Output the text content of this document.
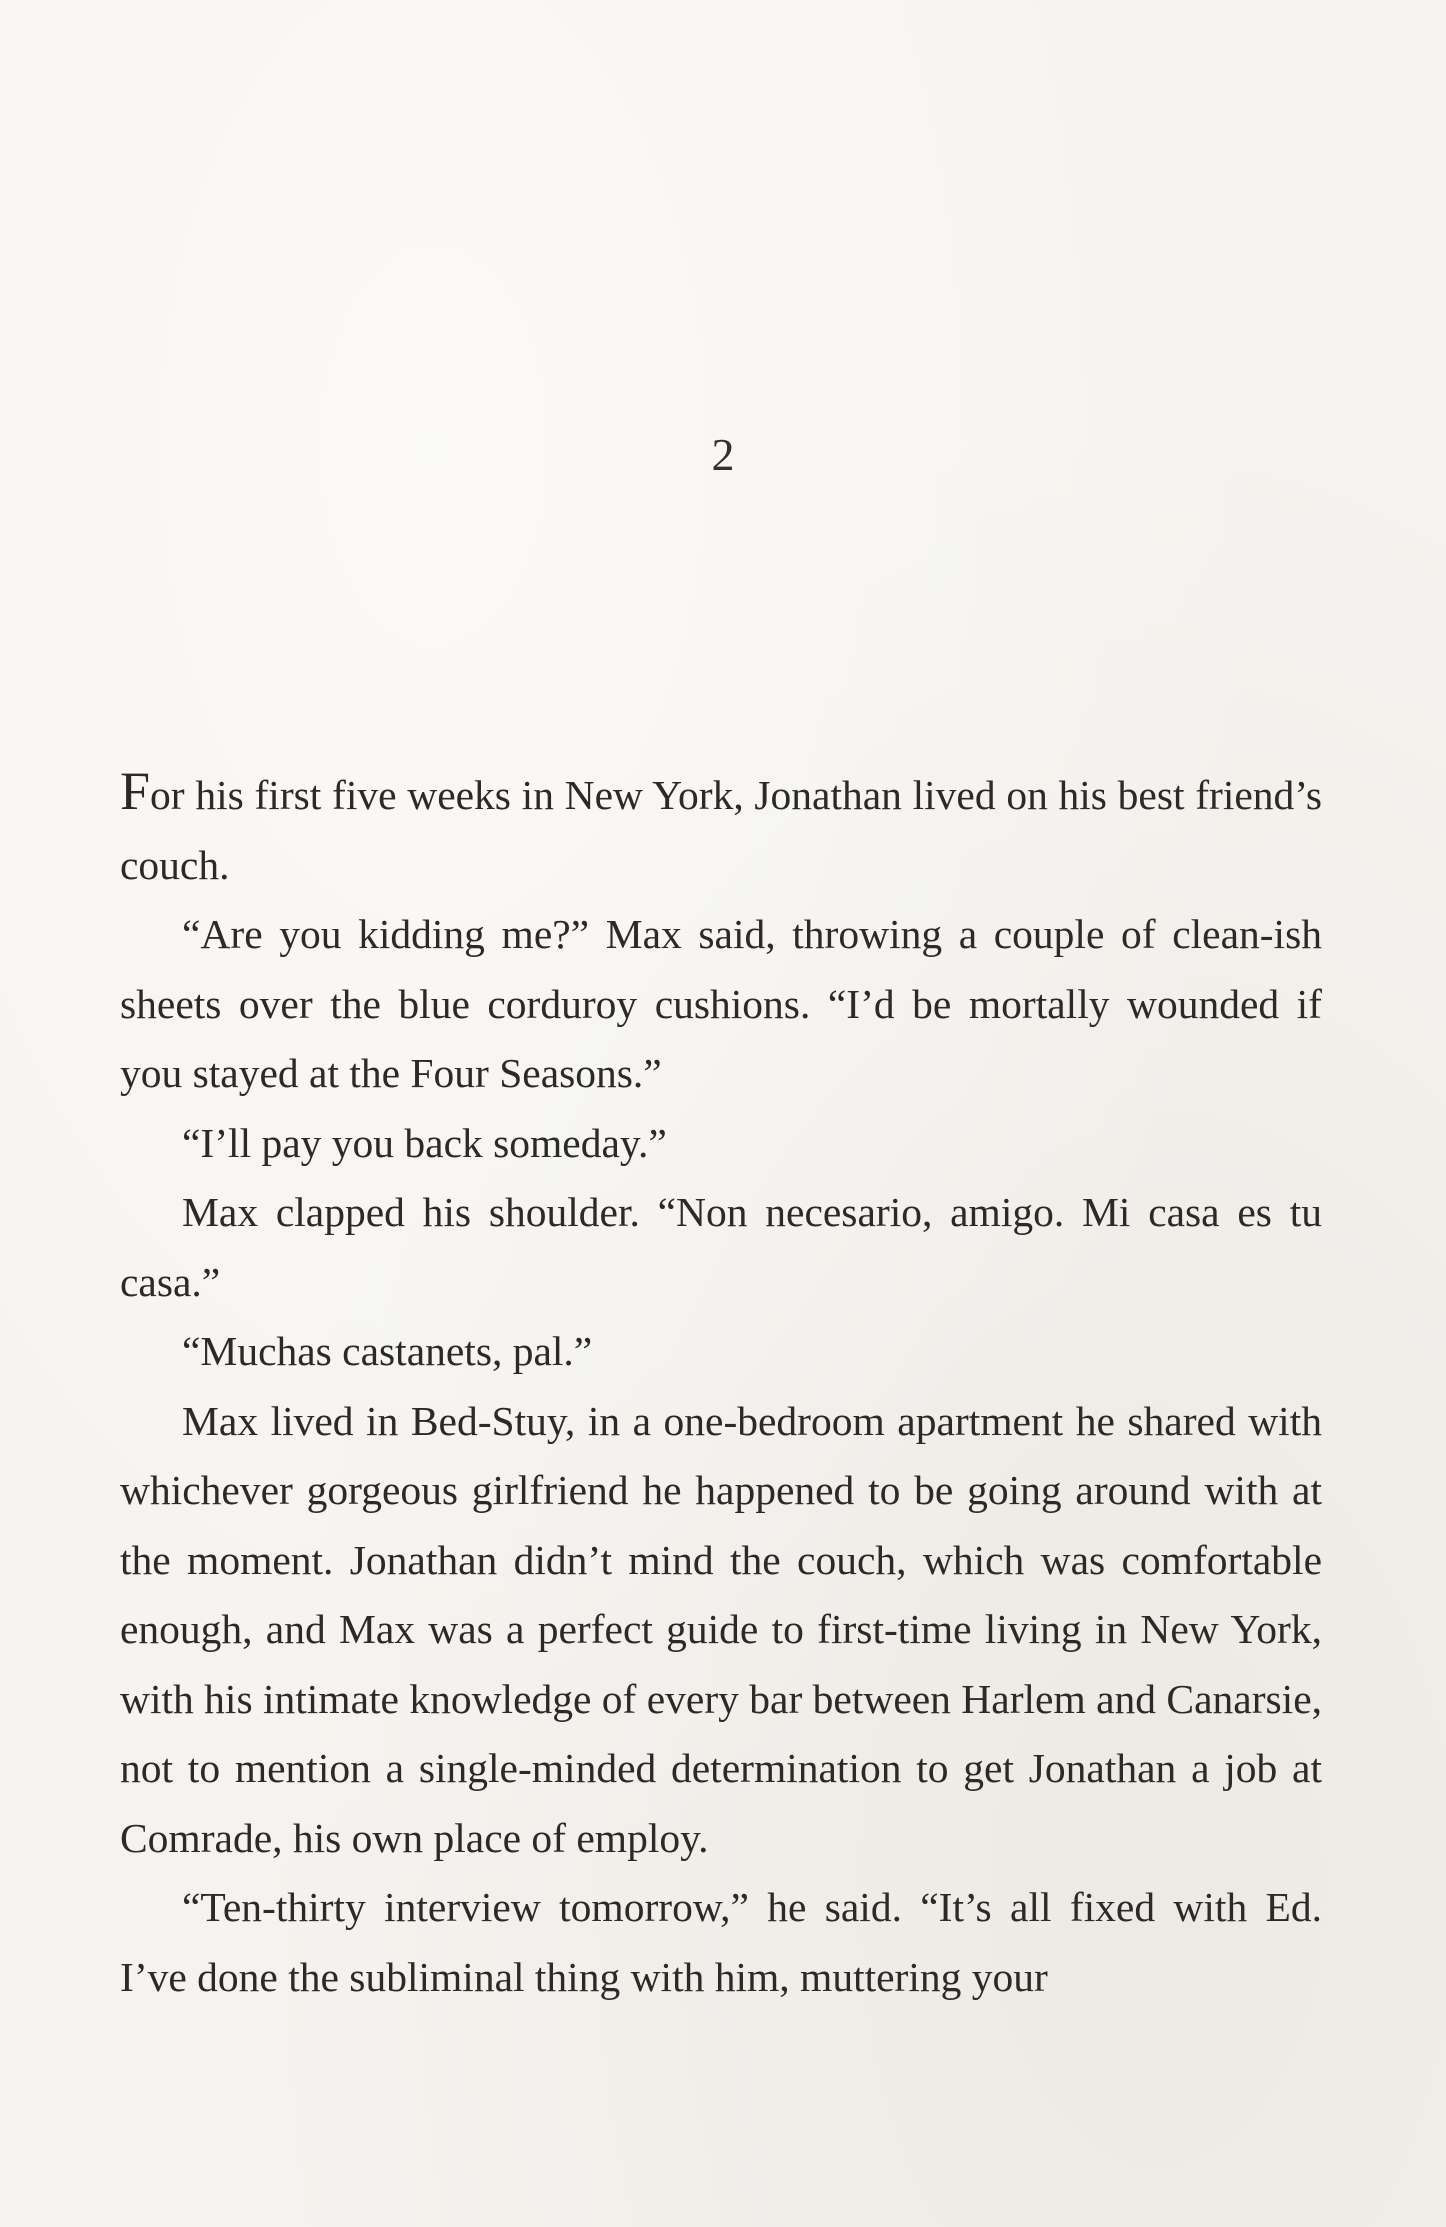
2

For his first five weeks in New York, Jonathan lived on his best friend’s couch.

“Are you kidding me?” Max said, throwing a couple of clean-ish sheets over the blue corduroy cushions. “I’d be mortally wounded if you stayed at the Four Seasons.”

“I’ll pay you back someday.”

Max clapped his shoulder. “Non necesario, amigo. Mi casa es tu casa.”

“Muchas castanets, pal.”

Max lived in Bed-Stuy, in a one-bedroom apartment he shared with whichever gorgeous girlfriend he happened to be going around with at the moment. Jonathan didn’t mind the couch, which was comfortable enough, and Max was a perfect guide to first-time living in New York, with his intimate knowledge of every bar between Harlem and Canarsie, not to mention a single-minded determination to get Jonathan a job at Comrade, his own place of employ.

“Ten-thirty interview tomorrow,” he said. “It’s all fixed with Ed. I’ve done the subliminal thing with him, muttering your
